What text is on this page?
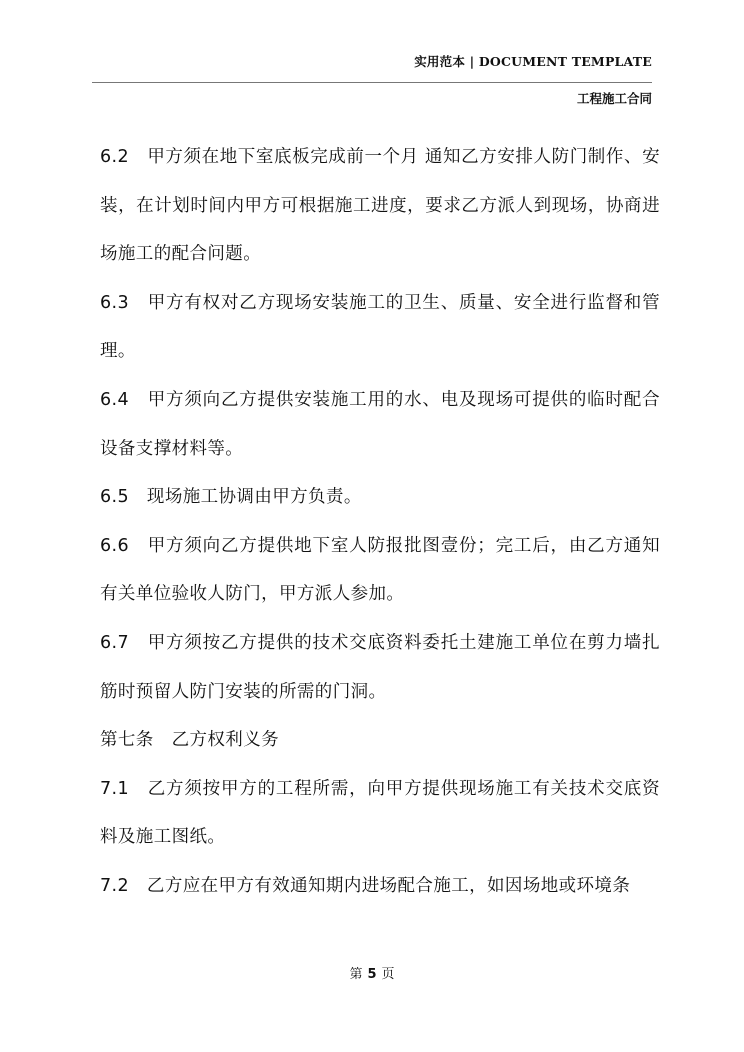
实用范本 | DOCUMENT TEMPLATE
工程施工合同

6.2　甲方须在地下室底板完成前一个月 通知乙方安排人防门制作、安装，在计划时间内甲方可根据施工进度，要求乙方派人到现场，协商进场施工的配合问题。

6.3　甲方有权对乙方现场安装施工的卫生、质量、安全进行监督和管理。

6.4　甲方须向乙方提供安装施工用的水、电及现场可提供的临时配合设备支撑材料等。

6.5　现场施工协调由甲方负责。

6.6　甲方须向乙方提供地下室人防报批图壹份；完工后，由乙方通知有关单位验收人防门，甲方派人参加。

6.7　甲方须按乙方提供的技术交底资料委托土建施工单位在剪力墙扎筋时预留人防门安装的所需的门洞。

第七条　乙方权利义务

7.1　乙方须按甲方的工程所需，向甲方提供现场施工有关技术交底资料及施工图纸。

7.2　乙方应在甲方有效通知期内进场配合施工，如因场地或环境条

第 5 页
